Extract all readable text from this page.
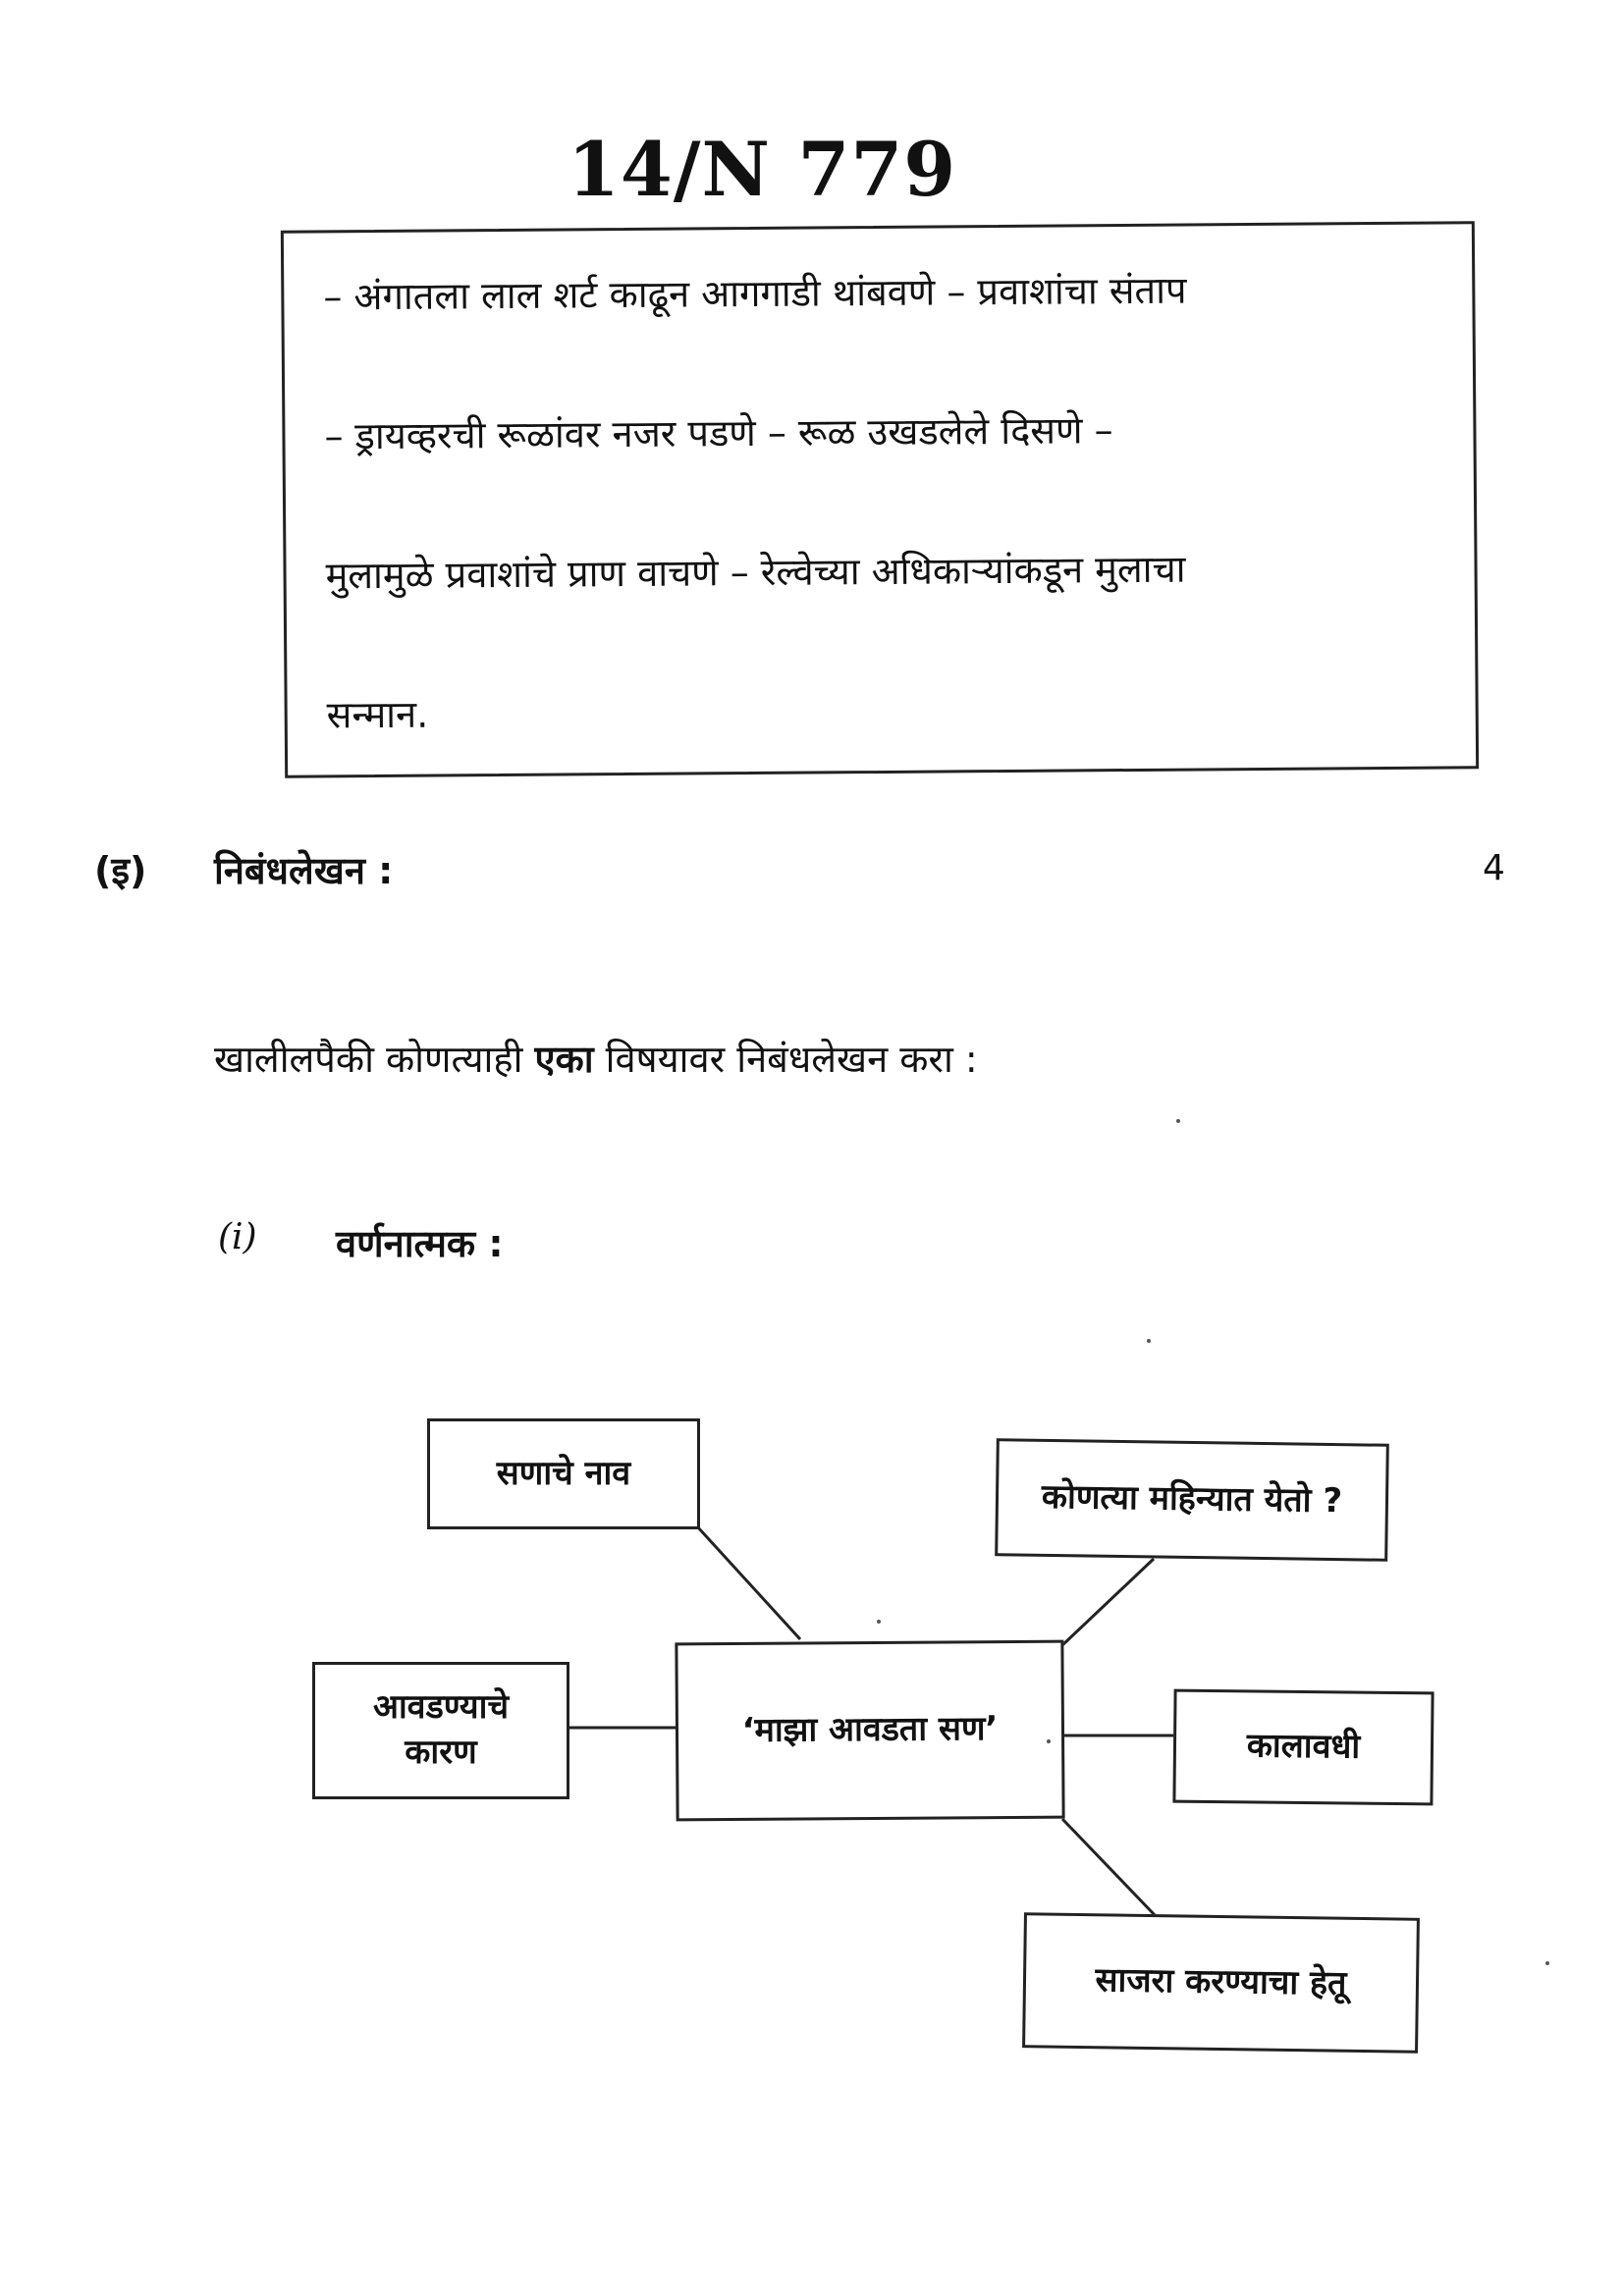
14/N 779
– अंगातला लाल शर्ट काढून आगगाडी थांबवणे – प्रवाशांचा संताप
– ड्रायव्हरची रूळांवर नजर पडणे – रूळ उखडलेले दिसणे –
मुलामुळे प्रवाशांचे प्राण वाचणे – रेल्वेच्या अधिकाऱ्यांकडून मुलाचा
सन्मान.
(इ) निबंधलेखन :	4
खालीलपैकी कोणत्याही एका विषयावर निबंधलेखन करा :
(i) वर्णनात्मक :
सणाचे नाव
कोणत्या महिन्यात येतो ?
आवडण्याचे
कारण
‘माझा आवडता सण’	कालावधी
साजरा करण्याचा हेतू
